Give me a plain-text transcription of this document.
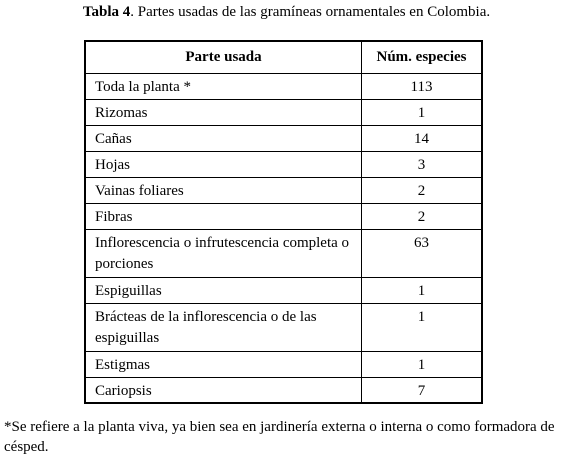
Tabla 4. Partes usadas de las gramíneas ornamentales en Colombia.
Parte usada	Núm. especies
Toda la planta *	113
Rizomas	1
Cañas	14
Hojas	3
Vainas foliares	2
Fibras	2
Inflorescencia o infrutescencia completa o porciones	63
Espiguillas	1
Brácteas de la inflorescencia o de las espiguillas	1
Estigmas	1
Cariopsis	7
*Se refiere a la planta viva, ya bien sea en jardinería externa o interna o como formadora de césped.
